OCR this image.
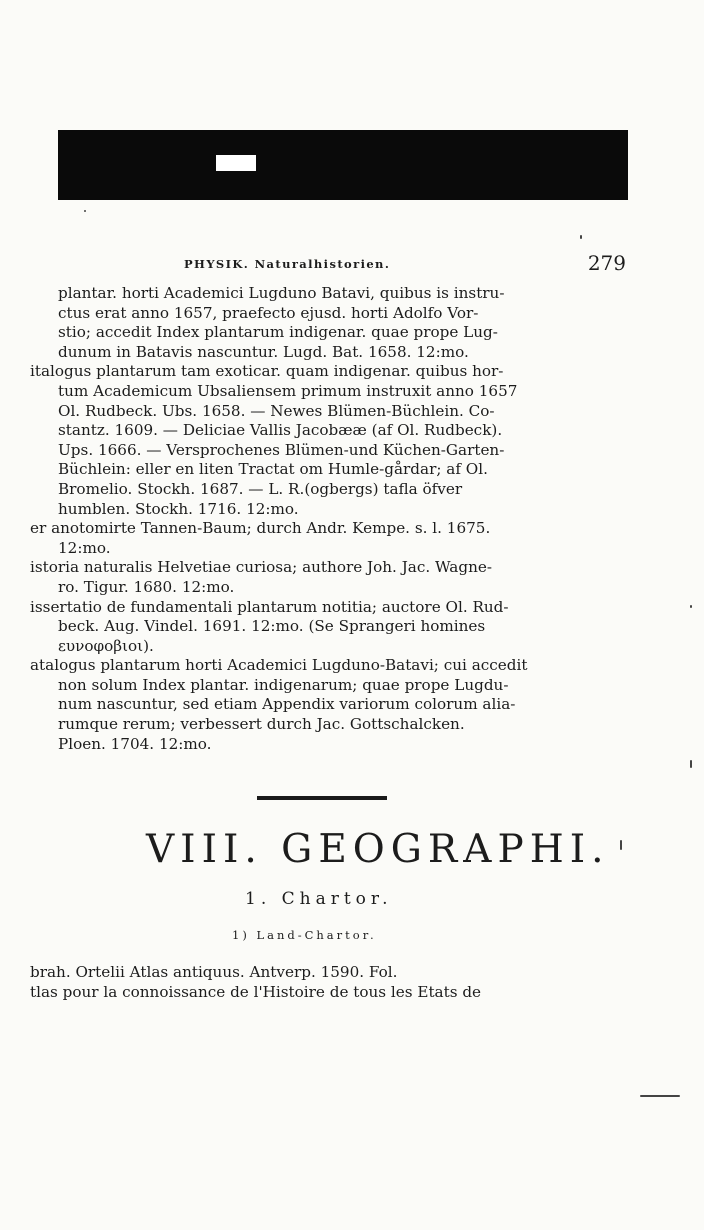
PHYSIK. Naturalhistorien.	279
plantar. horti Academici Lugduno Batavi, quibus is instru-
ctus erat anno 1657, praefecto ejusd. horti Adolfo Vor-
stio; accedit Index plantarum indigenar. quae prope Lug-
dunum in Batavis nascuntur. Lugd. Bat. 1658. 12:mo.
italogus plantarum tam exoticar. quam indigenar. quibus hor-
tum Academicum Ubsaliensem primum instruxit anno 1657
Ol. Rudbeck. Ubs. 1658. — Newes Blümen-Büchlein. Co-
stantz. 1609. — Deliciae Vallis Jacobææ (af Ol. Rudbeck).
Ups. 1666. — Versprochenes Blümen-und Küchen-Garten-
Büchlein: eller en liten Tractat om Humle-gårdar; af Ol.
Bromelio. Stockh. 1687. — L. R.(ogbergs) tafla öfver
humblen. Stockh. 1716. 12:mo.
er anotomirte Tannen-Baum; durch Andr. Kempe. s. l. 1675.
12:mo.
istoria naturalis Helvetiae curiosa; authore Joh. Jac. Wagne-
ro. Tigur. 1680. 12:mo.
issertatio de fundamentali plantarum notitia; auctore Ol. Rud-
beck. Aug. Vindel. 1691. 12:mo. (Se Sprangeri homines
ευνοφοβιοι).
atalogus plantarum horti Academici Lugduno-Batavi; cui accedit
non solum Index plantar. indigenarum; quae prope Lugdu-
num nascuntur, sed etiam Appendix variorum colorum alia-
rumque rerum; verbessert durch Jac. Gottschalcken.
Ploen. 1704. 12:mo.
VIII. GEOGRAPHI.
1. Chartor.
1) Land-Chartor.
brah. Ortelii Atlas antiquus. Antverp. 1590. Fol.
tlas pour la connoissance de l'Histoire de tous les Etats de
